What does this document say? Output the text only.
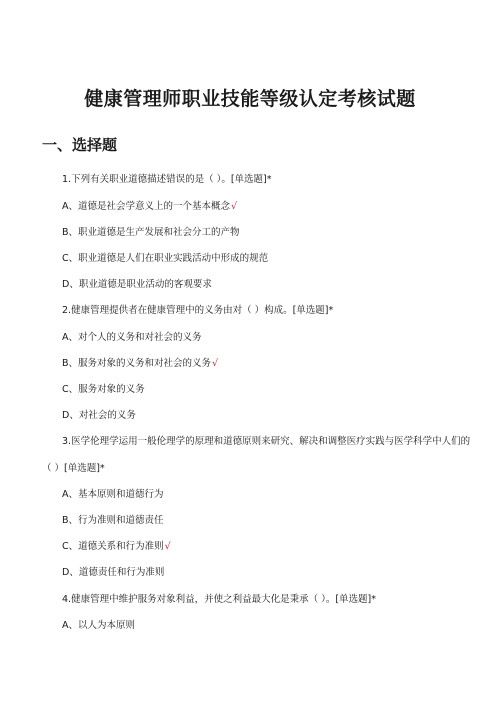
健康管理师职业技能等级认定考核试题
一、选择题
1.下列有关职业道德描述错误的是（ ）。[单选题]*
A、道德是社会学意义上的一个基本概念√
B、职业道德是生产发展和社会分工的产物
C、职业道德是人们在职业实践活动中形成的规范
D、职业道德是职业活动的客观要求
2.健康管理提供者在健康管理中的义务由对（ ）构成。[单选题]*
A、对个人的义务和对社会的义务
B、服务对象的义务和对社会的义务√
C、服务对象的义务
D、对社会的义务
3.医学伦理学运用一般伦理学的原理和道德原则来研究、解决和调整医疗实践与医学科学中人们的
（ ）[单选题]*
A、基本原则和道德行为
B、行为准则和道德责任
C、道德关系和行为准则√
D、道德责任和行为准则
4.健康管理中维护服务对象利益，并使之利益最大化是秉承（ ）。[单选题]*
A、以人为本原则
